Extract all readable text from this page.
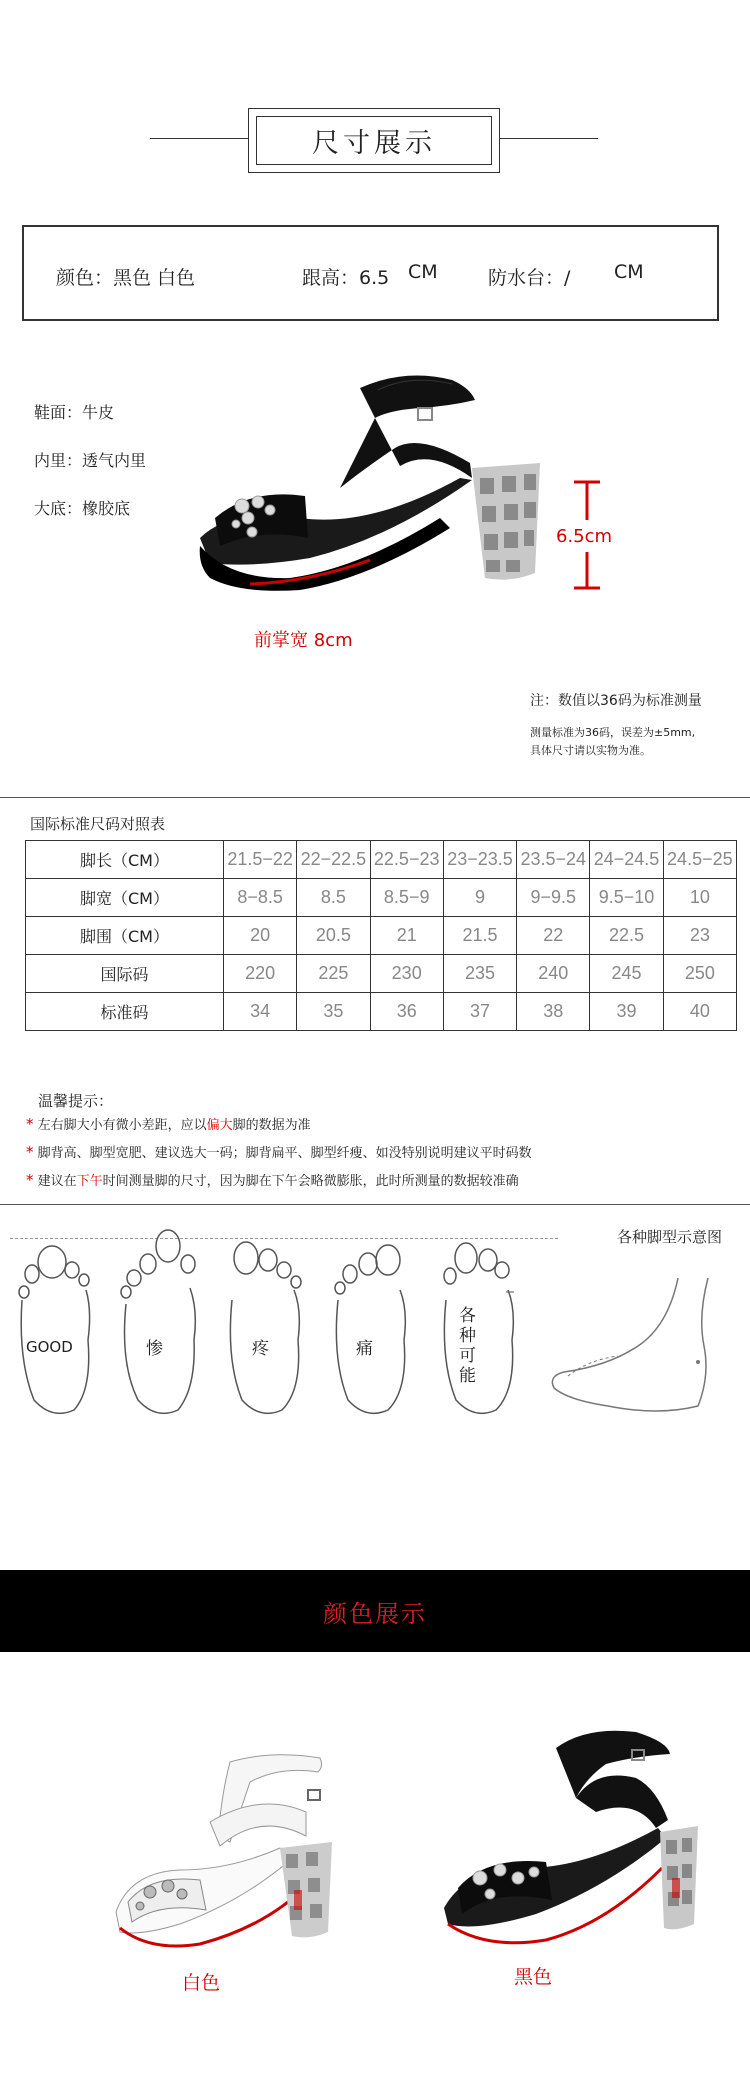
尺寸展示
颜色：黑色 白色	跟高：6.5 CM	防水台：/ CM
鞋面：牛皮
内里：透气内里
大底：橡胶底
6.5cm
前掌宽 8cm
注：数值以36码为标准测量
测量标准为36码，误差为±5mm,
具体尺寸请以实物为准。
国际标准尺码对照表
脚长（CM）	21.5−22	22−22.5	22.5−23	23−23.5	23.5−24	24−24.5	24.5−25
脚宽（CM）	8−8.5	8.5	8.5−9	9	9−9.5	9.5−10	10
脚围（CM）	20	20.5	21	21.5	22	22.5	23
国际码	220	225	230	235	240	245	250
标准码	34	35	36	37	38	39	40
温馨提示：
* 左右脚大小有微小差距，应以偏大脚的数据为准
* 脚背高、脚型宽肥、建议选大一码；脚背扁平、脚型纤瘦、如没特别说明建议平时码数
* 建议在下午时间测量脚的尺寸，因为脚在下午会略微膨胀，此时所测量的数据较准确
各种脚型示意图
GOOD	惨	疼	痛
各
种
可
能
颜色展示
白色	黑色
